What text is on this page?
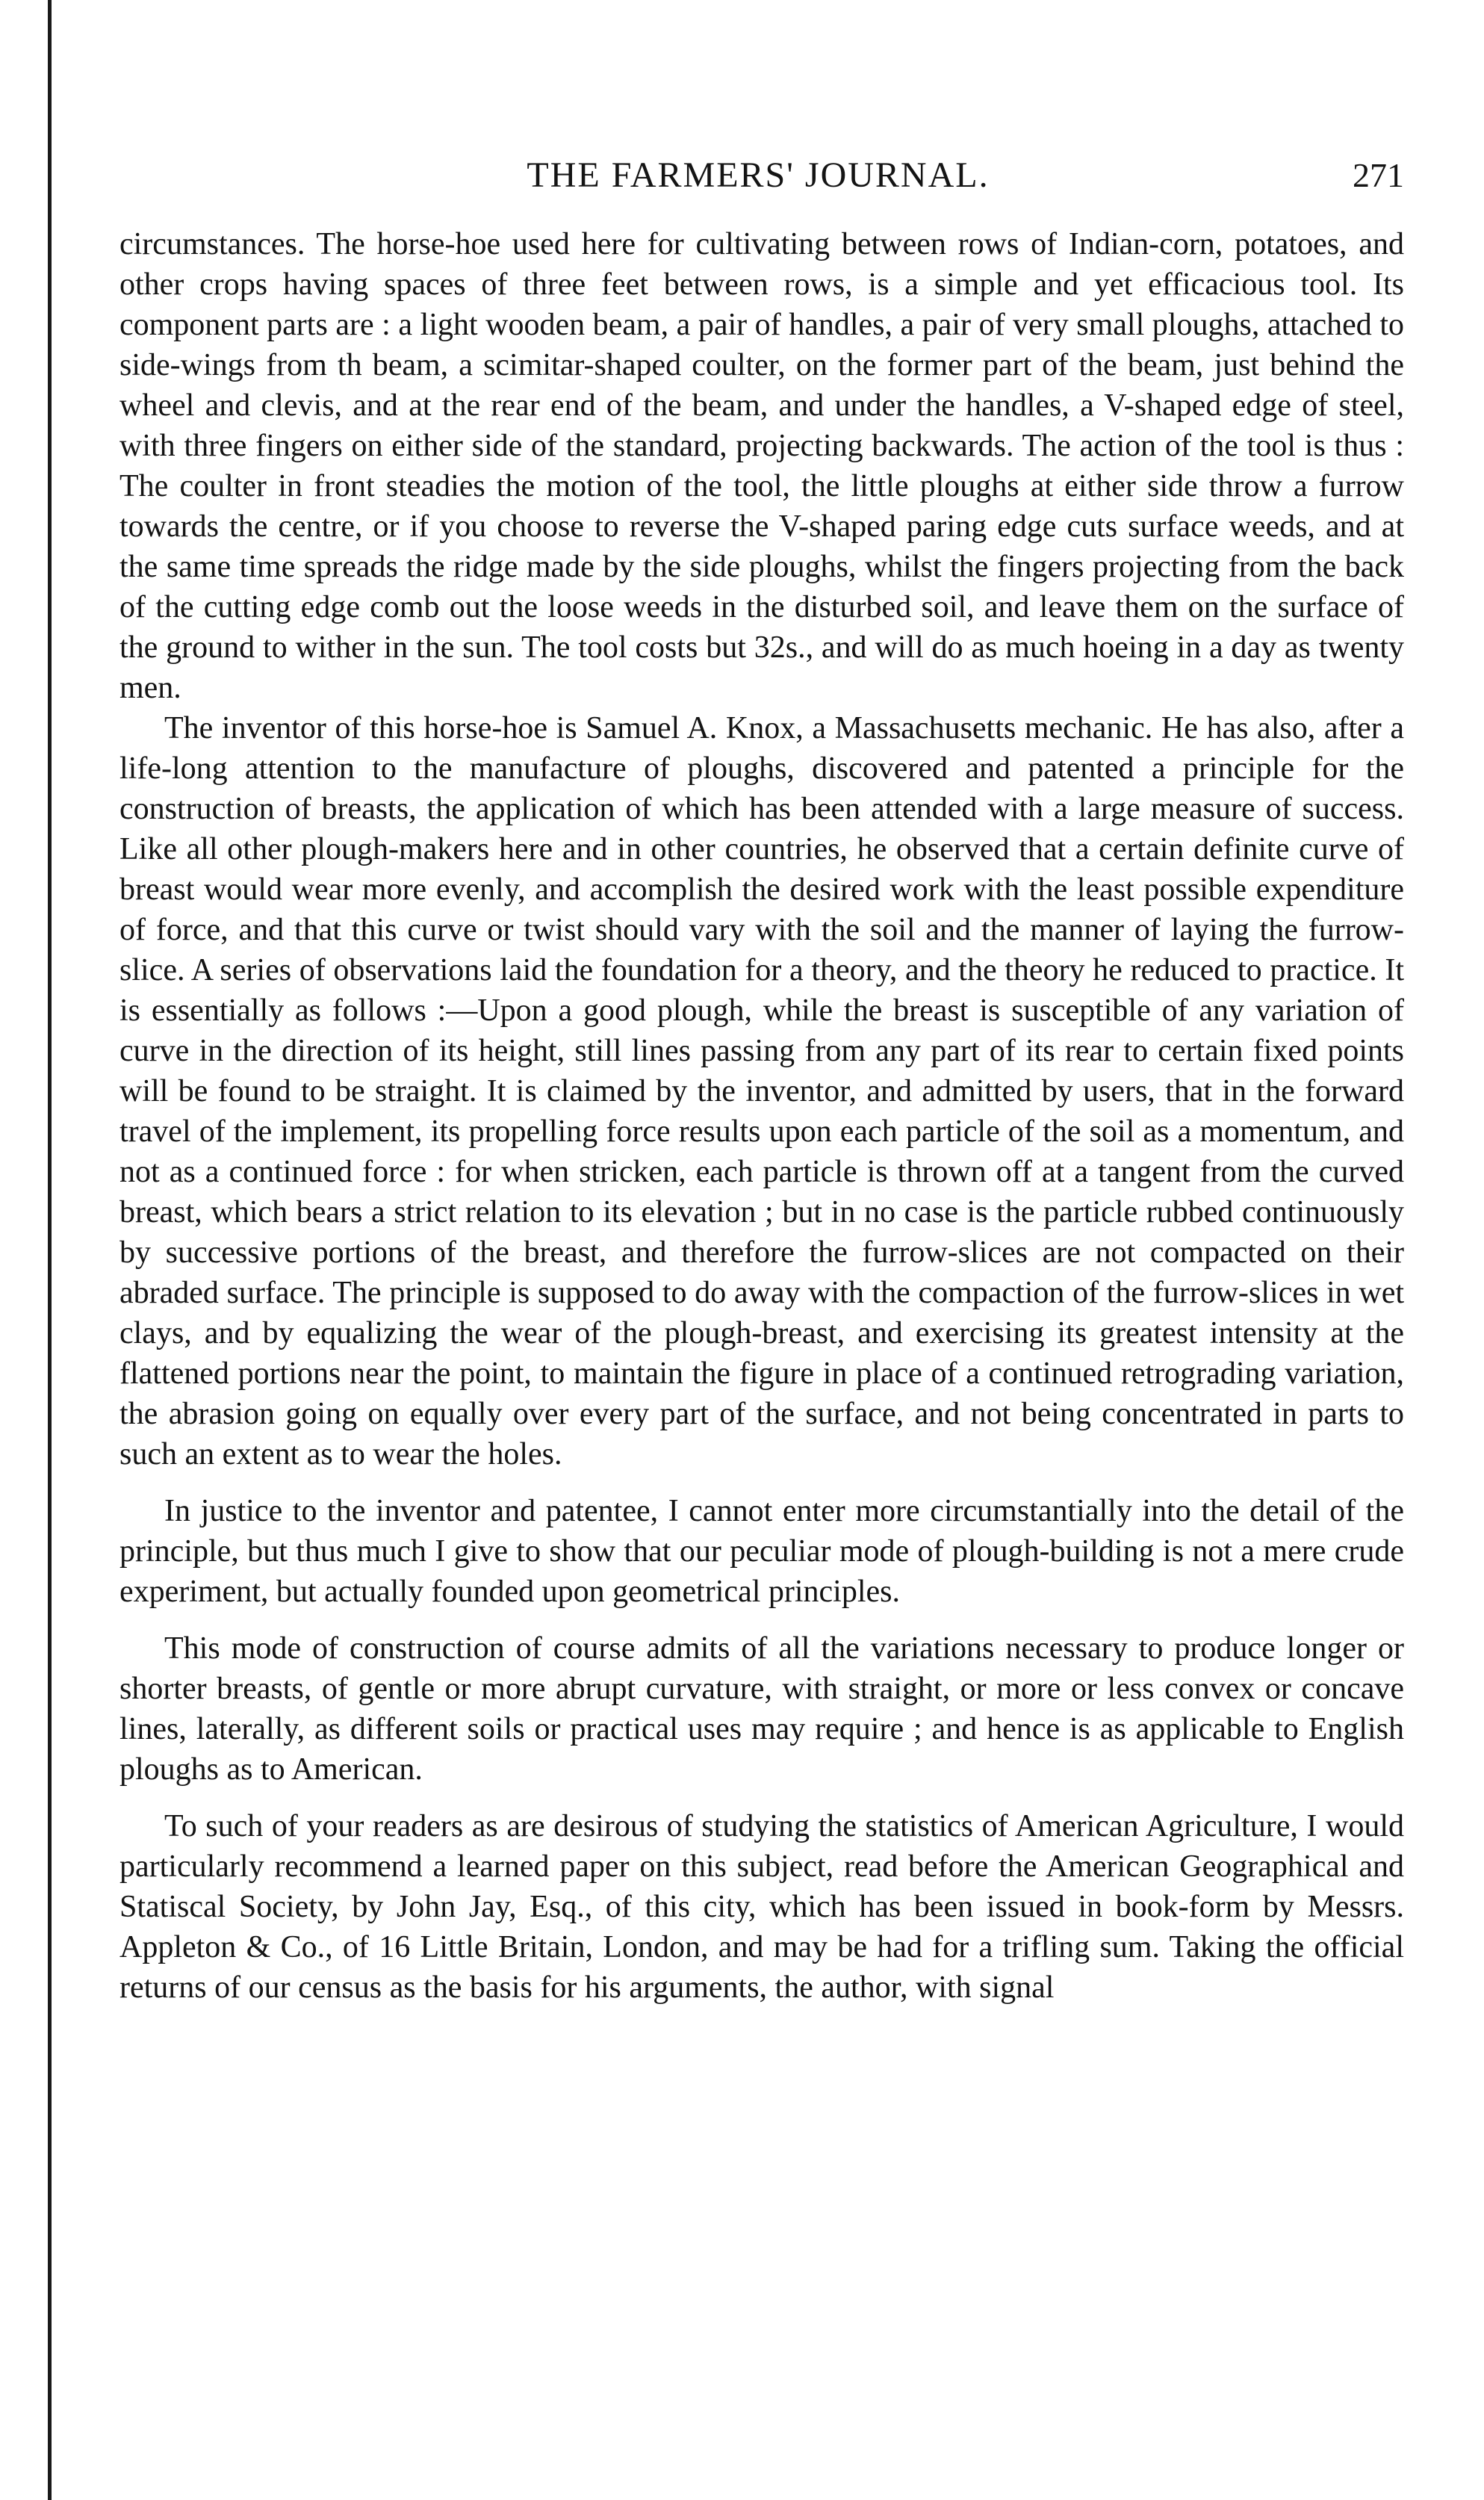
THE FARMERS' JOURNAL.	271

circumstances. The horse-hoe used here for cultivating between rows of Indian-corn, potatoes, and other crops having spaces of three feet between rows, is a simple and yet efficacious tool. Its component parts are : a light wooden beam, a pair of handles, a pair of very small ploughs, attached to side-wings from th beam, a scimitar-shaped coulter, on the former part of the beam, just behind the wheel and clevis, and at the rear end of the beam, and under the handles, a V-shaped edge of steel, with three fingers on either side of the standard, projecting backwards. The action of the tool is thus : The coulter in front steadies the motion of the tool, the little ploughs at either side throw a furrow towards the centre, or if you choose to reverse the V-shaped paring edge cuts surface weeds, and at the same time spreads the ridge made by the side ploughs, whilst the fingers projecting from the back of the cutting edge comb out the loose weeds in the disturbed soil, and leave them on the surface of the ground to wither in the sun. The tool costs but 32s., and will do as much hoeing in a day as twenty men.

The inventor of this horse-hoe is Samuel A. Knox, a Massachusetts mechanic. He has also, after a life-long attention to the manufacture of ploughs, discovered and patented a principle for the construction of breasts, the application of which has been attended with a large measure of success. Like all other plough-makers here and in other countries, he observed that a certain definite curve of breast would wear more evenly, and accomplish the desired work with the least possible expenditure of force, and that this curve or twist should vary with the soil and the manner of laying the furrow-slice. A series of observations laid the foundation for a theory, and the theory he reduced to practice. It is essentially as follows :—Upon a good plough, while the breast is susceptible of any variation of curve in the direction of its height, still lines passing from any part of its rear to certain fixed points will be found to be straight. It is claimed by the inventor, and admitted by users, that in the forward travel of the implement, its propelling force results upon each particle of the soil as a momentum, and not as a continued force : for when stricken, each particle is thrown off at a tangent from the curved breast, which bears a strict relation to its elevation ; but in no case is the particle rubbed continuously by successive portions of the breast, and therefore the furrow-slices are not compacted on their abraded surface. The principle is supposed to do away with the compaction of the furrow-slices in wet clays, and by equalizing the wear of the plough-breast, and exercising its greatest intensity at the flattened portions near the point, to maintain the figure in place of a continued retrograding variation, the abrasion going on equally over every part of the surface, and not being concentrated in parts to such an extent as to wear the holes.

In justice to the inventor and patentee, I cannot enter more circumstantially into the detail of the principle, but thus much I give to show that our peculiar mode of plough-building is not a mere crude experiment, but actually founded upon geometrical principles.

This mode of construction of course admits of all the variations necessary to produce longer or shorter breasts, of gentle or more abrupt curvature, with straight, or more or less convex or concave lines, laterally, as different soils or practical uses may require ; and hence is as applicable to English ploughs as to American.

To such of your readers as are desirous of studying the statistics of American Agriculture, I would particularly recommend a learned paper on this subject, read before the American Geographical and Statiscal Society, by John Jay, Esq., of this city, which has been issued in book-form by Messrs. Appleton & Co., of 16 Little Britain, London, and may be had for a trifling sum. Taking the official returns of our census as the basis for his arguments, the author, with signal
